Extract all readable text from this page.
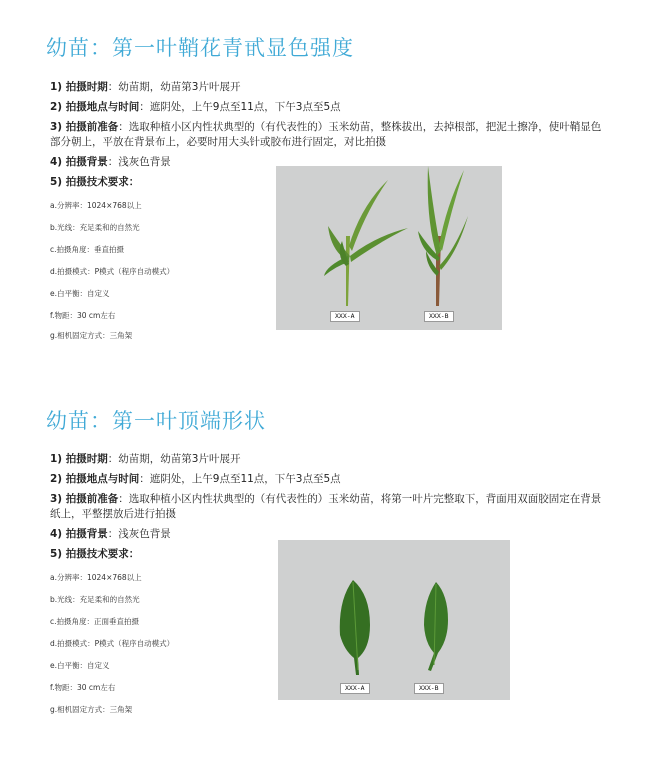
幼苗：第一叶鞘花青甙显色强度
1) 拍摄时期：幼苗期，幼苗第3片叶展开
2) 拍摄地点与时间：遮阴处，上午9点至11点，下午3点至5点
3) 拍摄前准备：选取种植小区内性状典型的（有代表性的）玉米幼苗，整株拔出，去掉根部，把泥土擦净，使叶鞘显色部分朝上，平放在背景布上，必要时用大头针或胶布进行固定，对比拍摄
4) 拍摄背景：浅灰色背景
5) 拍摄技术要求：
a.分辨率：1024×768以上
b.光线：充足柔和的自然光
c.拍摄角度：垂直拍摄
d.拍摄模式：P模式（程序自动模式）
e.白平衡：自定义
f.物距：30 cm左右
g.相机固定方式：三角架
XXX-A	XXX-B
幼苗：第一叶顶端形状
1) 拍摄时期：幼苗期，幼苗第3片叶展开
2) 拍摄地点与时间：遮阴处，上午9点至11点，下午3点至5点
3) 拍摄前准备：选取种植小区内性状典型的（有代表性的）玉米幼苗，将第一叶片完整取下，背面用双面胶固定在背景纸上，平整摆放后进行拍摄
4) 拍摄背景：浅灰色背景
5) 拍摄技术要求：
a.分辨率：1024×768以上
b.光线：充足柔和的自然光
c.拍摄角度：正面垂直拍摄
d.拍摄模式：P模式（程序自动模式）
e.白平衡：自定义
f.物距：30 cm左右
g.相机固定方式：三角架
XXX-A	XXX-B
